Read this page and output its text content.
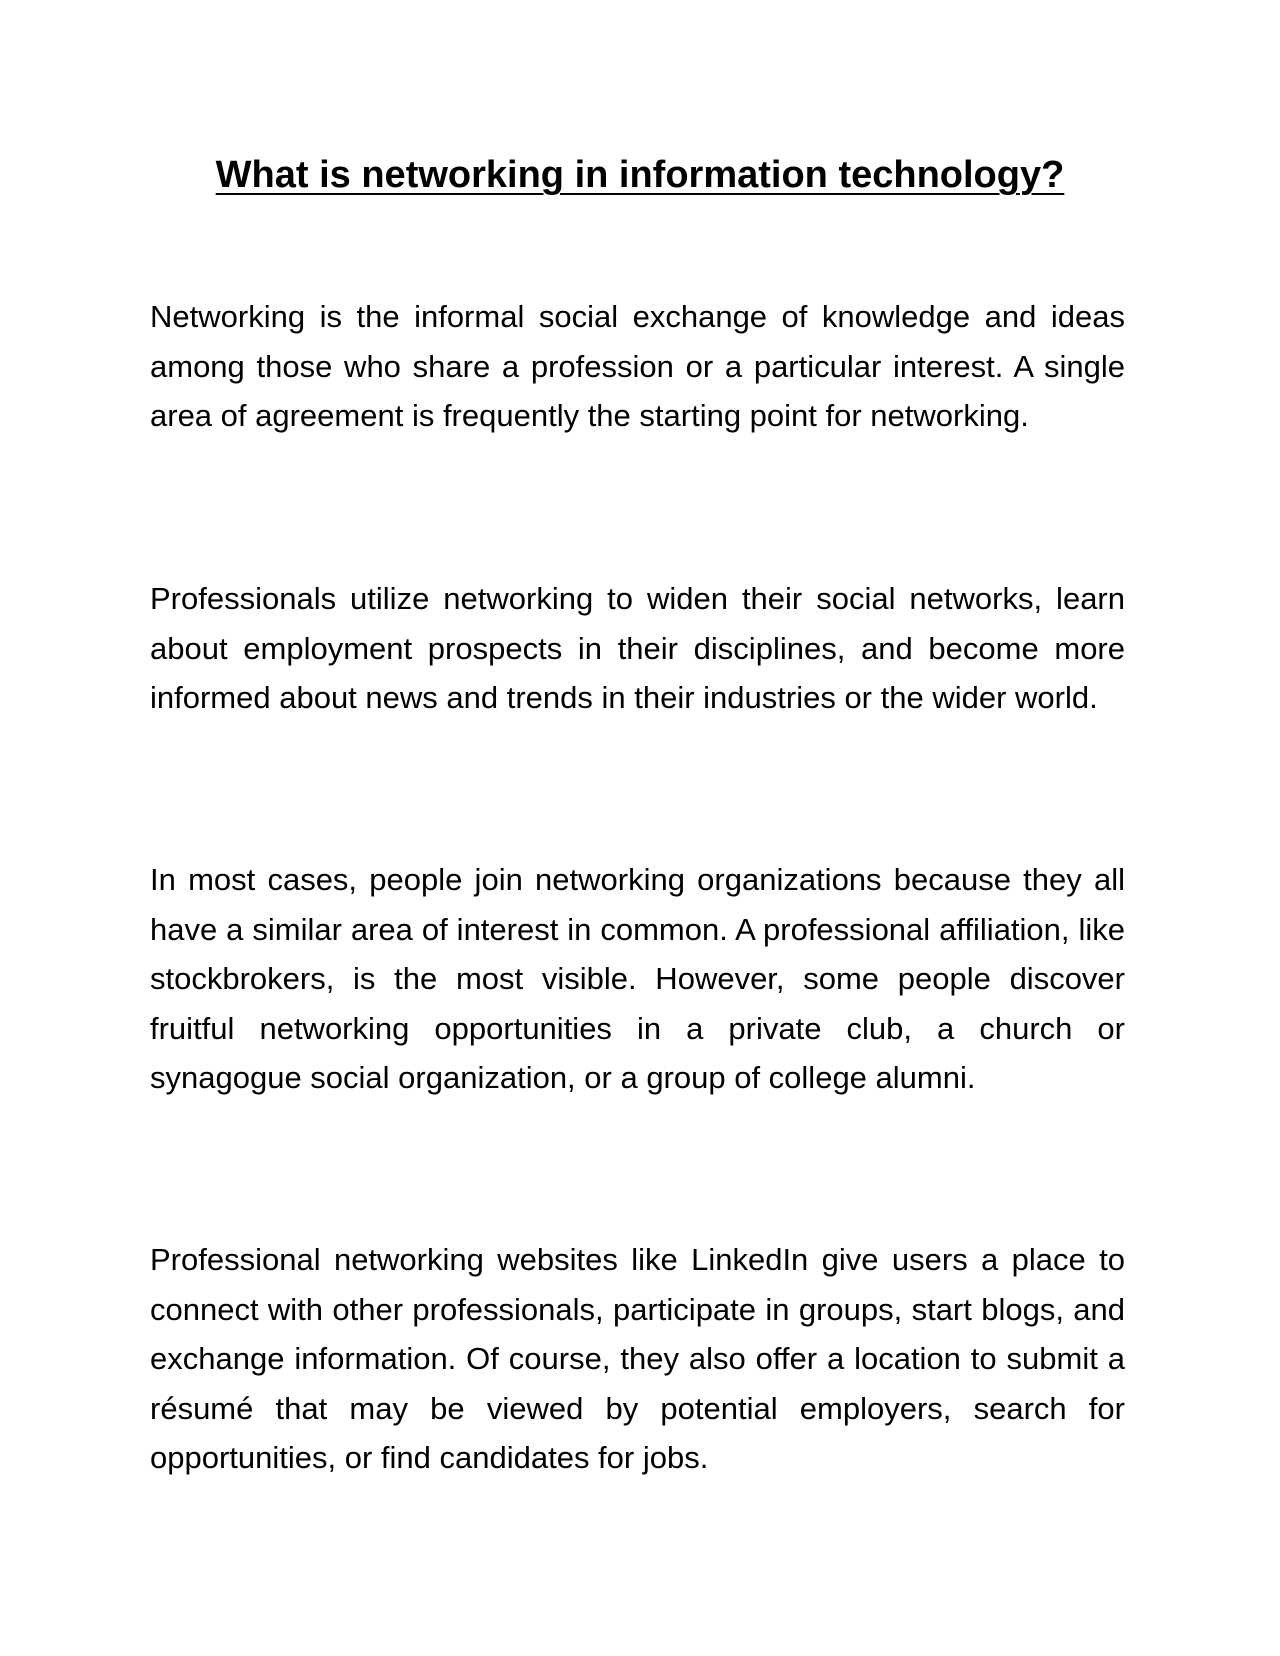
What is networking in information technology?

Networking is the informal social exchange of knowledge and ideas among those who share a profession or a particular interest. A single area of agreement is frequently the starting point for networking.

Professionals utilize networking to widen their social networks, learn about employment prospects in their disciplines, and become more informed about news and trends in their industries or the wider world.

In most cases, people join networking organizations because they all have a similar area of interest in common. A professional affiliation, like stockbrokers, is the most visible. However, some people discover fruitful networking opportunities in a private club, a church or synagogue social organization, or a group of college alumni.

Professional networking websites like LinkedIn give users a place to connect with other professionals, participate in groups, start blogs, and exchange information. Of course, they also offer a location to submit a résumé that may be viewed by potential employers, search for opportunities, or find candidates for jobs.
